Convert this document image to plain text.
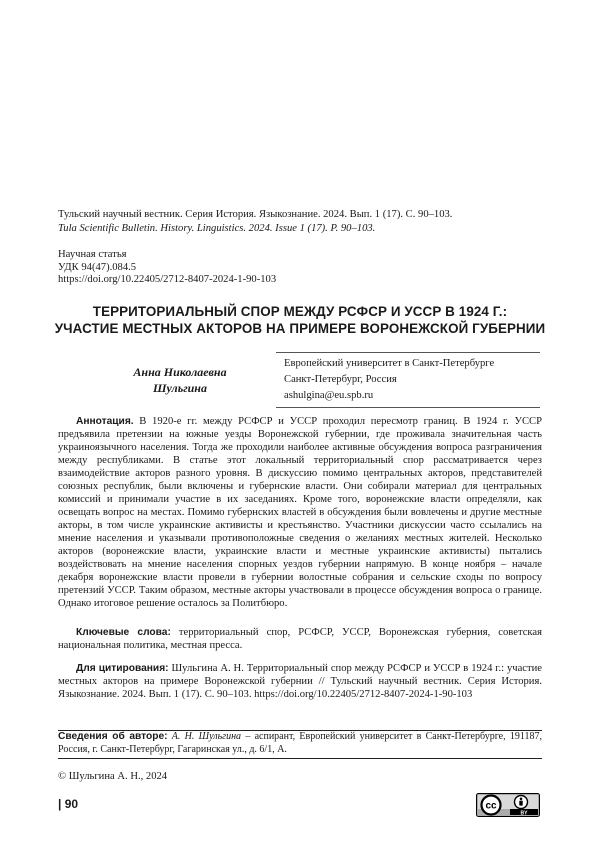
Тульский научный вестник. Серия История. Языкознание. 2024. Вып. 1 (17). С. 90–103.
Tula Scientific Bulletin. History. Linguistics. 2024. Issue 1 (17). P. 90–103.
Научная статья
УДК 94(47).084.5
https://doi.org/10.22405/2712-8407-2024-1-90-103
ТЕРРИТОРИАЛЬНЫЙ СПОР МЕЖДУ РСФСР И УССР В 1924 Г.:
УЧАСТИЕ МЕСТНЫХ АКТОРОВ НА ПРИМЕРЕ ВОРОНЕЖСКОЙ ГУБЕРНИИ
Анна Николаевна
Шульгина
Европейский университет в Санкт-Петербурге
Санкт-Петербург, Россия
ashulgina@eu.spb.ru

Аннотация. В 1920-е гг. между РСФСР и УССР проходил пересмотр границ. В 1924 г. УССР предъявила претензии на южные уезды Воронежской губернии, где проживала значительная часть украиноязычного населения. Тогда же проходили наиболее активные обсуждения вопроса разграничения между республиками. В статье этот локальный территориальный спор рассматривается через взаимодействие акторов разного уровня. В дискуссию помимо центральных акторов, представителей союзных республик, были включены и губернские власти. Они собирали материал для центральных комиссий и принимали участие в их заседаниях. Кроме того, воронежские власти определяли, как освещать вопрос на местах. Помимо губернских властей в обсуждения были вовлечены и другие местные акторы, в том числе украинские активисты и крестьянство. Участники дискуссии часто ссылались на мнение населения и указывали противоположные сведения о желаниях местных жителей. Несколько акторов (воронежские власти, украинские власти и местные украинские активисты) пытались воздействовать на мнение населения спорных уездов губернии напрямую. В конце ноября – начале декабря воронежские власти провели в губернии волостные собрания и сельские сходы по вопросу претензий УССР. Таким образом, местные акторы участвовали в процессе обсуждения вопроса о границе. Однако итоговое решение осталось за Политбюро.

Ключевые слова: территориальный спор, РСФСР, УССР, Воронежская губерния, советская национальная политика, местная пресса.

Для цитирования: Шульгина А. Н. Территориальный спор между РСФСР и УССР в 1924 г.: участие местных акторов на примере Воронежской губернии // Тульский научный вестник. Серия История. Языкознание. 2024. Вып. 1 (17). С. 90–103. https://doi.org/10.22405/2712-8407-2024-1-90-103

Сведения об авторе: А. Н. Шульгина – аспирант, Европейский университет в Санкт-Петербурге, 191187, Россия, г. Санкт-Петербург, Гагаринская ул., д. 6/1, А.

© Шульгина А. Н., 2024
| 90	cc
BY
